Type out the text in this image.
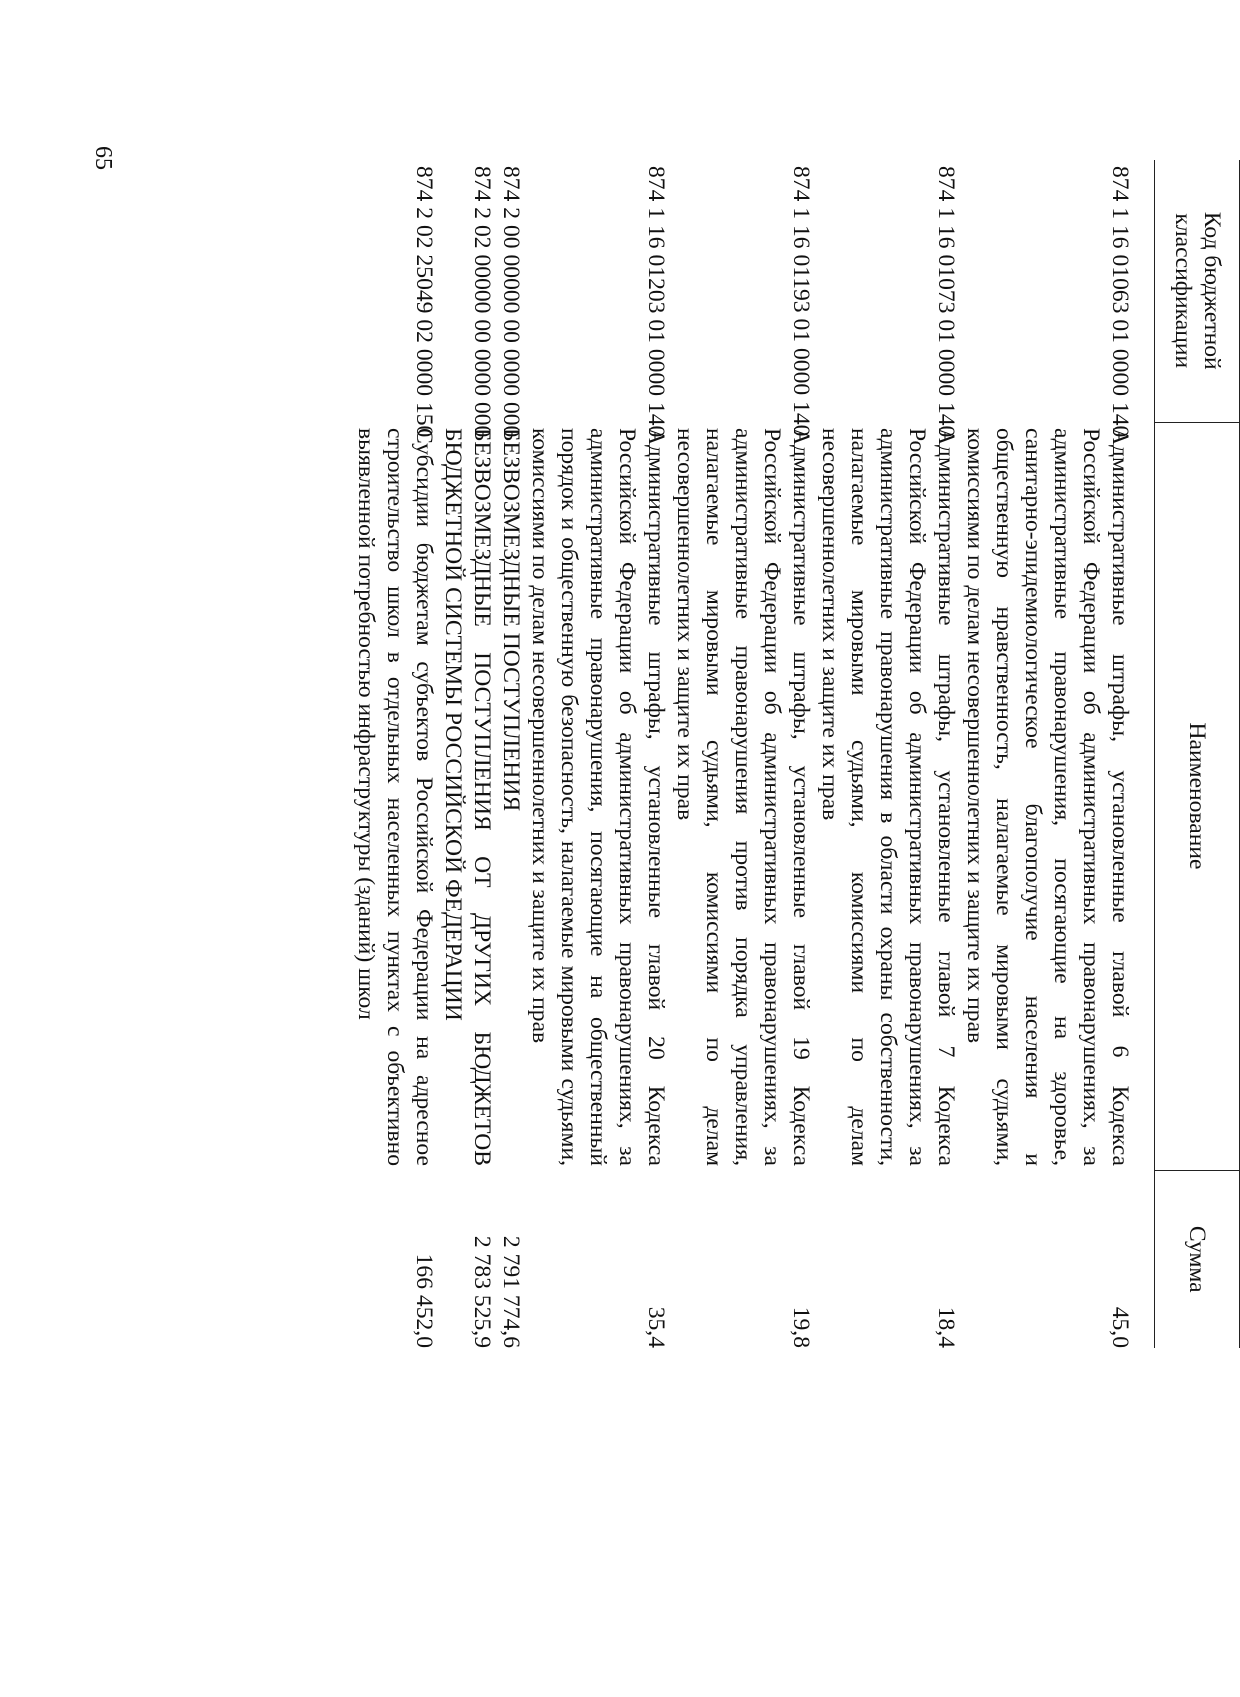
65
Код бюджетной классификации	Наименование	Сумма	

874 1 16 01063 01 0000 140	Административные штрафы, установленные главой 6 Кодекса Российской Федерации об административных правонарушениях, за административные правонарушения, посягающие на здоровье, санитарно-эпидемиологическое благополучие населения и общественную нравственность, налагаемые мировыми судьями, комиссиями по делам несовершеннолетних и защите их прав	45,0	
874 1 16 01073 01 0000 140	Административные штрафы, установленные главой 7 Кодекса Российской Федерации об административных правонарушениях, за административные правонарушения в области охраны собственности, налагаемые мировыми судьями, комиссиями по делам несовершеннолетних и защите их прав	18,4	
874 1 16 01193 01 0000 140	Административные штрафы, установленные главой 19 Кодекса Российской Федерации об административных правонарушениях, за административные правонарушения против порядка управления, налагаемые мировыми судьями, комиссиями по делам несовершеннолетних и защите их прав	19,8	
874 1 16 01203 01 0000 140	Административные штрафы, установленные главой 20 Кодекса Российской Федерации об административных правонарушениях, за административные правонарушения, посягающие на общественный порядок и общественную безопасность, налагаемые мировыми судьями, комиссиями по делам несовершеннолетних и защите их прав	35,4	
874 2 00 00000 00 0000 000	БЕЗВОЗМЕЗДНЫЕ ПОСТУПЛЕНИЯ	2 791 774,6	
874 2 02 00000 00 0000 000	БЕЗВОЗМЕЗДНЫЕ ПОСТУПЛЕНИЯ ОТ ДРУГИХ БЮДЖЕТОВ БЮДЖЕТНОЙ СИСТЕМЫ РОССИЙСКОЙ ФЕДЕРАЦИИ	2 783 525,9	
874 2 02 25049 02 0000 150	Субсидии бюджетам субъектов Российской Федерации на адресное строительство школ в отдельных населенных пунктах с объективно выявленной потребностью инфраструктуры (зданий) школ	166 452,0	
